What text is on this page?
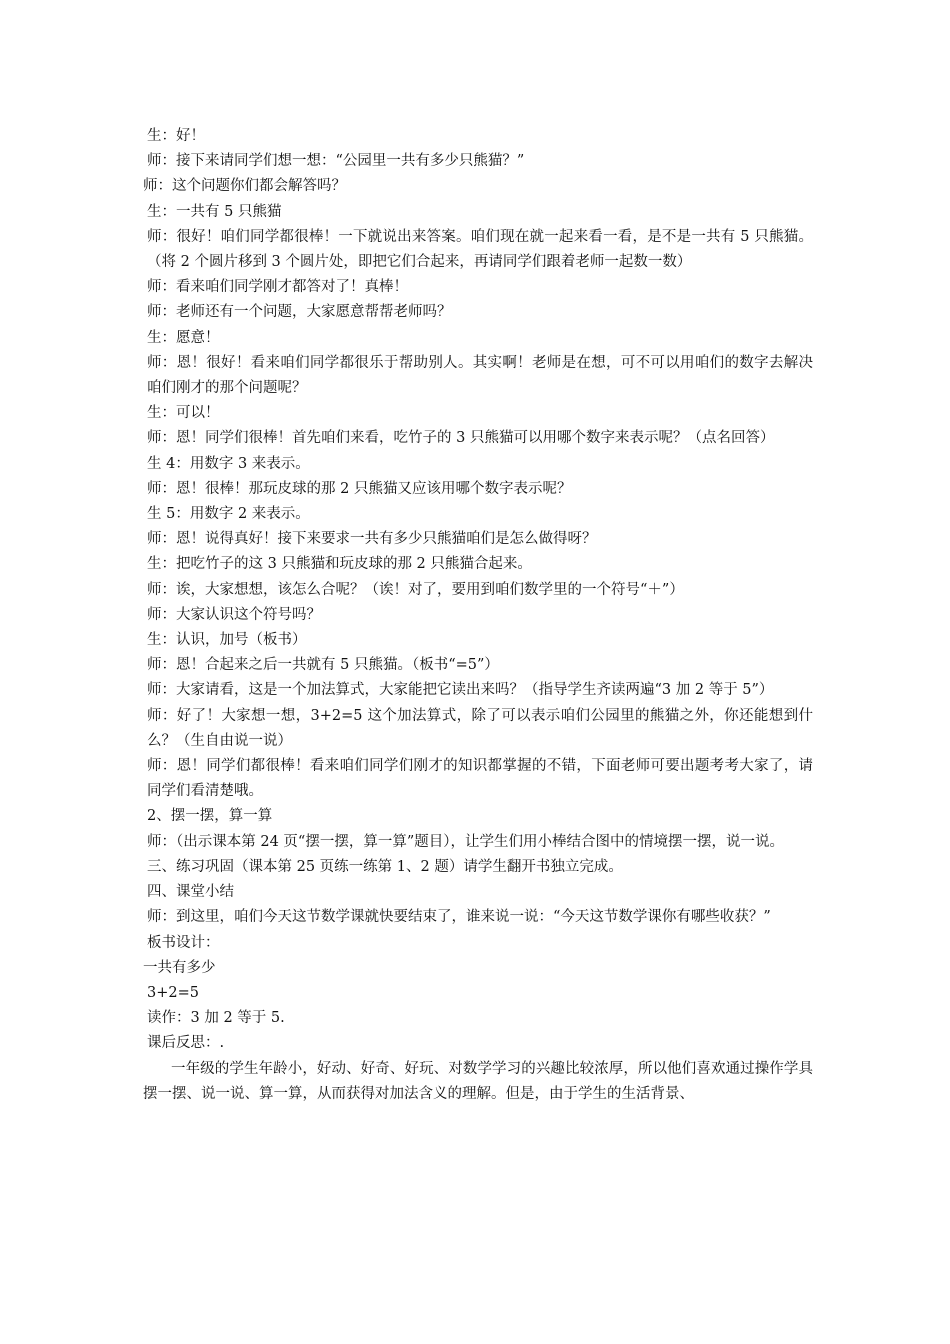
生：好！

师：接下来请同学们想一想：“公园里一共有多少只熊猫？”

师：这个问题你们都会解答吗？

生：一共有 5 只熊猫

师：很好！咱们同学都很棒！一下就说出来答案。咱们现在就一起来看一看，是不是一共有 5 只熊猫。（将 2 个圆片移到 3 个圆片处，即把它们合起来，再请同学们跟着老师一起数一数）

师：看来咱们同学刚才都答对了！真棒！

师：老师还有一个问题，大家愿意帮帮老师吗？

生：愿意！

师：恩！很好！看来咱们同学都很乐于帮助别人。其实啊！老师是在想，可不可以用咱们的数字去解决咱们刚才的那个问题呢？

生：可以！

师：恩！同学们很棒！首先咱们来看，吃竹子的 3 只熊猫可以用哪个数字来表示呢？（点名回答）

生 4：用数字 3 来表示。

师：恩！很棒！那玩皮球的那 2 只熊猫又应该用哪个数字表示呢？

生 5：用数字 2 来表示。

师：恩！说得真好！接下来要求一共有多少只熊猫咱们是怎么做得呀？

生：把吃竹子的这 3 只熊猫和玩皮球的那 2 只熊猫合起来。

师：诶，大家想想，该怎么合呢？（诶！对了，要用到咱们数学里的一个符号“＋”）

师：大家认识这个符号吗？

生：认识，加号（板书）

师：恩！合起来之后一共就有 5 只熊猫。（板书“=5”）

师：大家请看，这是一个加法算式，大家能把它读出来吗？（指导学生齐读两遍“3 加 2 等于 5”）

师：好了！大家想一想，3+2=5 这个加法算式，除了可以表示咱们公园里的熊猫之外，你还能想到什么？（生自由说一说）

师：恩！同学们都很棒！看来咱们同学们刚才的知识都掌握的不错，下面老师可要出题考考大家了，请同学们看清楚哦。

2、摆一摆，算一算

师：（出示课本第 24 页“摆一摆，算一算”题目），让学生们用小棒结合图中的情境摆一摆，说一说。

三、练习巩固（课本第 25 页练一练第 1、2 题）请学生翻开书独立完成。

四、课堂小结

师：到这里，咱们今天这节数学课就快要结束了，谁来说一说：“今天这节数学课你有哪些收获？”

板书设计：

一共有多少

3+2=5

读作：3 加 2 等于 5.

课后反思：.

一年级的学生年龄小，好动、好奇、好玩、对数学学习的兴趣比较浓厚，所以他们喜欢通过操作学具摆一摆、说一说、算一算，从而获得对加法含义的理解。但是，由于学生的生活背景、
